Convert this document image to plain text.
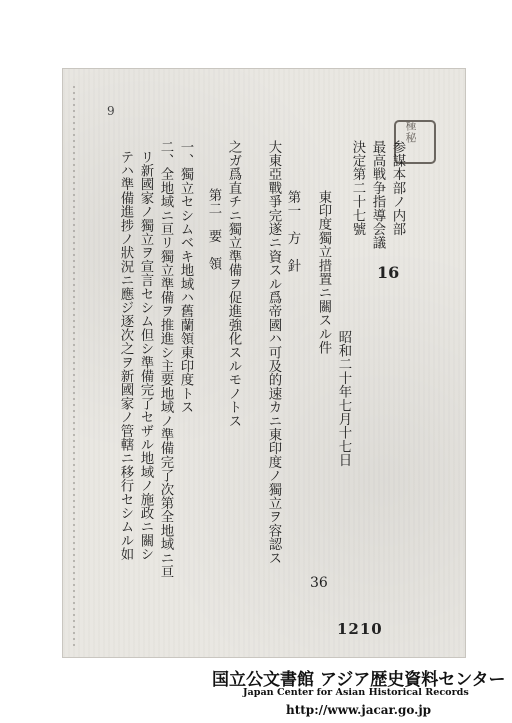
9
極秘
参謀本部ノ内部
最高戦争指導会議
決定第二十七號
16
東印度獨立措置ニ關スル件
昭和二十年七月十七日
第一　方　針
大東亞戰爭完遂ニ資スル爲帝國ハ可及的速カニ東印度ノ獨立ヲ容認ス
之ガ爲直チニ獨立準備ヲ促進強化スルモノトス
第二　要　領
一、獨立セシムベキ地域ハ舊蘭領東印度トス
二、全地域ニ亘リ獨立準備ヲ推進シ主要地域ノ準備完了次第全地域ニ亘
リ新國家ノ獨立ヲ宣言セシム但シ準備完了セザル地域ノ施政ニ關シ
テハ準備進捗ノ狀況ニ應ジ逐次之ヲ新國家ノ管轄ニ移行セシムル如
36
1210
国立公文書館 アジア歴史資料センター
Japan Center for Asian Historical Records
http://www.jacar.go.jp
